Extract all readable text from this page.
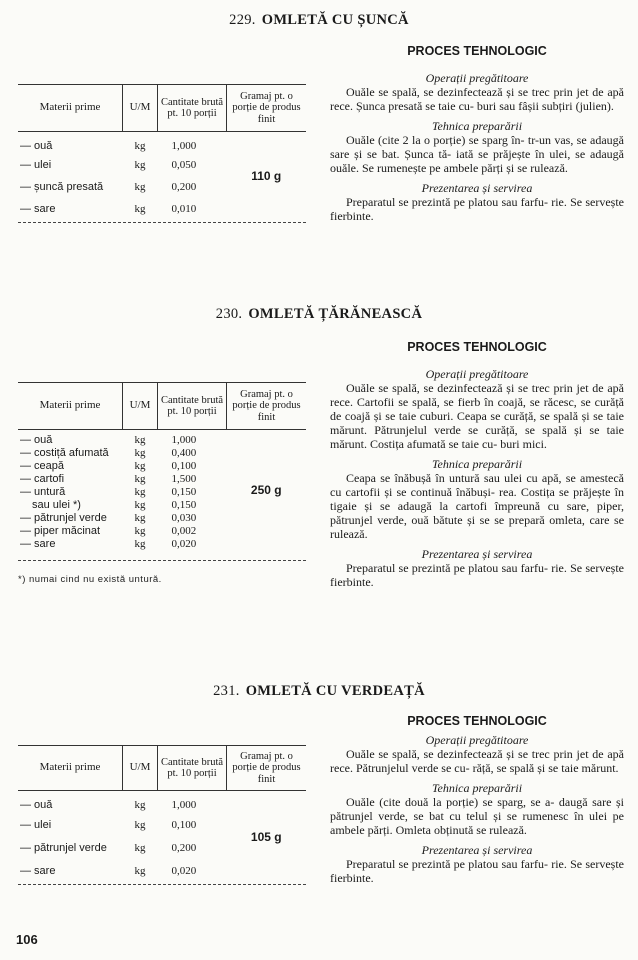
229. OMLETĂ CU ȘUNCĂ
Materii prime	U/M	Cantitate brută pt. 10 porții	Gramaj pt. o porție de produs finit
— ouă	kg	1,000	110 g
— ulei	kg	0,050	
— șuncă presată	kg	0,200	
— sare	kg	0,010	
PROCES TEHNOLOGIC

Operații pregătitoare

Ouăle se spală, se dezinfectează și se trec prin jet de apă rece. Șunca presată se taie cu- buri sau fâșii subțiri (julien).

Tehnica preparării

Ouăle (cite 2 la o porție) se sparg în- tr-un vas, se adaugă sare și se bat. Șunca tă- iată se prăjește în ulei, se adaugă ouăle. Se rumenește pe ambele părți și se rulează.

Prezentarea și servirea

Preparatul se prezintă pe platou sau farfu- rie. Se servește fierbinte.

230. OMLETĂ ȚĂRĂNEASCĂ
Materii prime	U/M	Cantitate brută pt. 10 porții	Gramaj pt. o porție de produs finit
— ouă	kg	1,000	250 g
— costiță afumată	kg	0,400	
— ceapă	kg	0,100	
— cartofi	kg	1,500	
— untură	kg	0,150	
sau ulei *)	kg	0,150	
— pătrunjel verde	kg	0,030	
— piper măcinat	kg	0,002	
— sare	kg	0,020	
*) numai cind nu există untură.
PROCES TEHNOLOGIC

Operații pregătitoare

Ouăle se spală, se dezinfectează și se trec prin jet de apă rece. Cartofii se spală, se fierb în coajă, se răcesc, se curăță de coajă și se taie cuburi. Ceapa se curăță, se spală și se taie mărunt. Pătrunjelul verde se curăță, se spală și se taie mărunt. Costița afumată se taie cu- buri mici.

Tehnica preparării

Ceapa se înăbușă în untură sau ulei cu apă, se amestecă cu cartofii și se continuă înăbuși- rea. Costița se prăjește în tigaie și se adaugă la cartofi împreună cu sare, piper, pătrunjel verde, ouă bătute și se se prepară omleta, care se rulează.

Prezentarea și servirea

Preparatul se prezintă pe platou sau farfu- rie. Se servește fierbinte.

231. OMLETĂ CU VERDEAȚĂ
Materii prime	U/M	Cantitate brută pt. 10 porții	Gramaj pt. o porție de produs finit
— ouă	kg	1,000	105 g
— ulei	kg	0,100	
— pătrunjel verde	kg	0,200	
— sare	kg	0,020	
PROCES TEHNOLOGIC

Operații pregătitoare

Ouăle se spală, se dezinfectează și se trec prin jet de apă rece. Pătrunjelul verde se cu- răță, se spală și se taie mărunt.

Tehnica preparării

Ouăle (cite două la porție) se sparg, se a- daugă sare și pătrunjel verde, se bat cu telul și se rumenesc în ulei pe ambele părți. Omleta obținută se rulează.

Prezentarea și servirea

Preparatul se prezintă pe platou sau farfu- rie. Se servește fierbinte.

106
